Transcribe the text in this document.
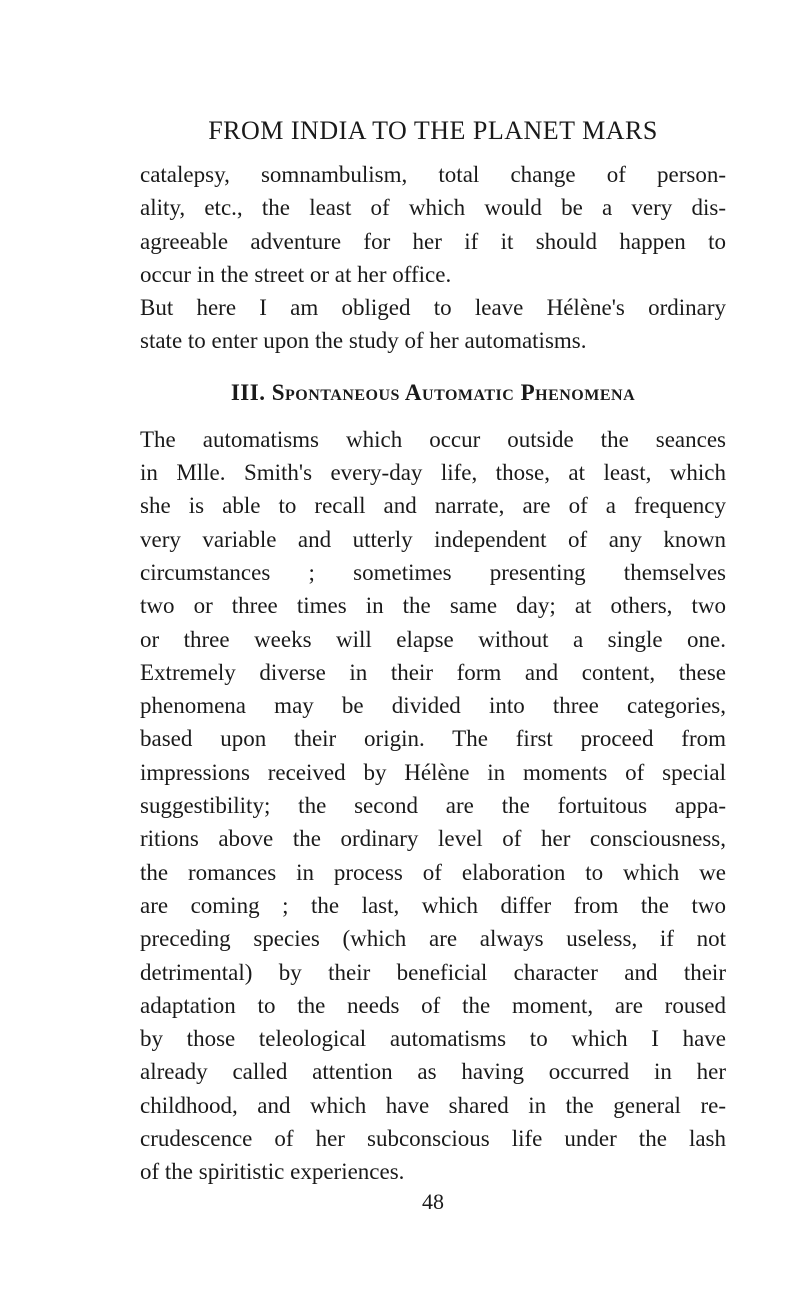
FROM INDIA TO THE PLANET MARS

catalepsy, somnambulism, total change of person-
ality, etc., the least of which would be a very dis-
agreeable adventure for her if it should happen to
occur in the street or at her office.

But here I am obliged to leave Hélène's ordinary
state to enter upon the study of her automatisms.

III. Spontaneous Automatic Phenomena

The automatisms which occur outside the seances
in Mlle. Smith's every-day life, those, at least, which
she is able to recall and narrate, are of a frequency
very variable and utterly independent of any known
circumstances ; sometimes presenting themselves
two or three times in the same day; at others, two
or three weeks will elapse without a single one.
Extremely diverse in their form and content, these
phenomena may be divided into three categories,
based upon their origin. The first proceed from
impressions received by Hélène in moments of special
suggestibility; the second are the fortuitous appa-
ritions above the ordinary level of her consciousness,
the romances in process of elaboration to which we
are coming ; the last, which differ from the two
preceding species (which are always useless, if not
detrimental) by their beneficial character and their
adaptation to the needs of the moment, are roused
by those teleological automatisms to which I have
already called attention as having occurred in her
childhood, and which have shared in the general re-
crudescence of her subconscious life under the lash
of the spiritistic experiences.

48
